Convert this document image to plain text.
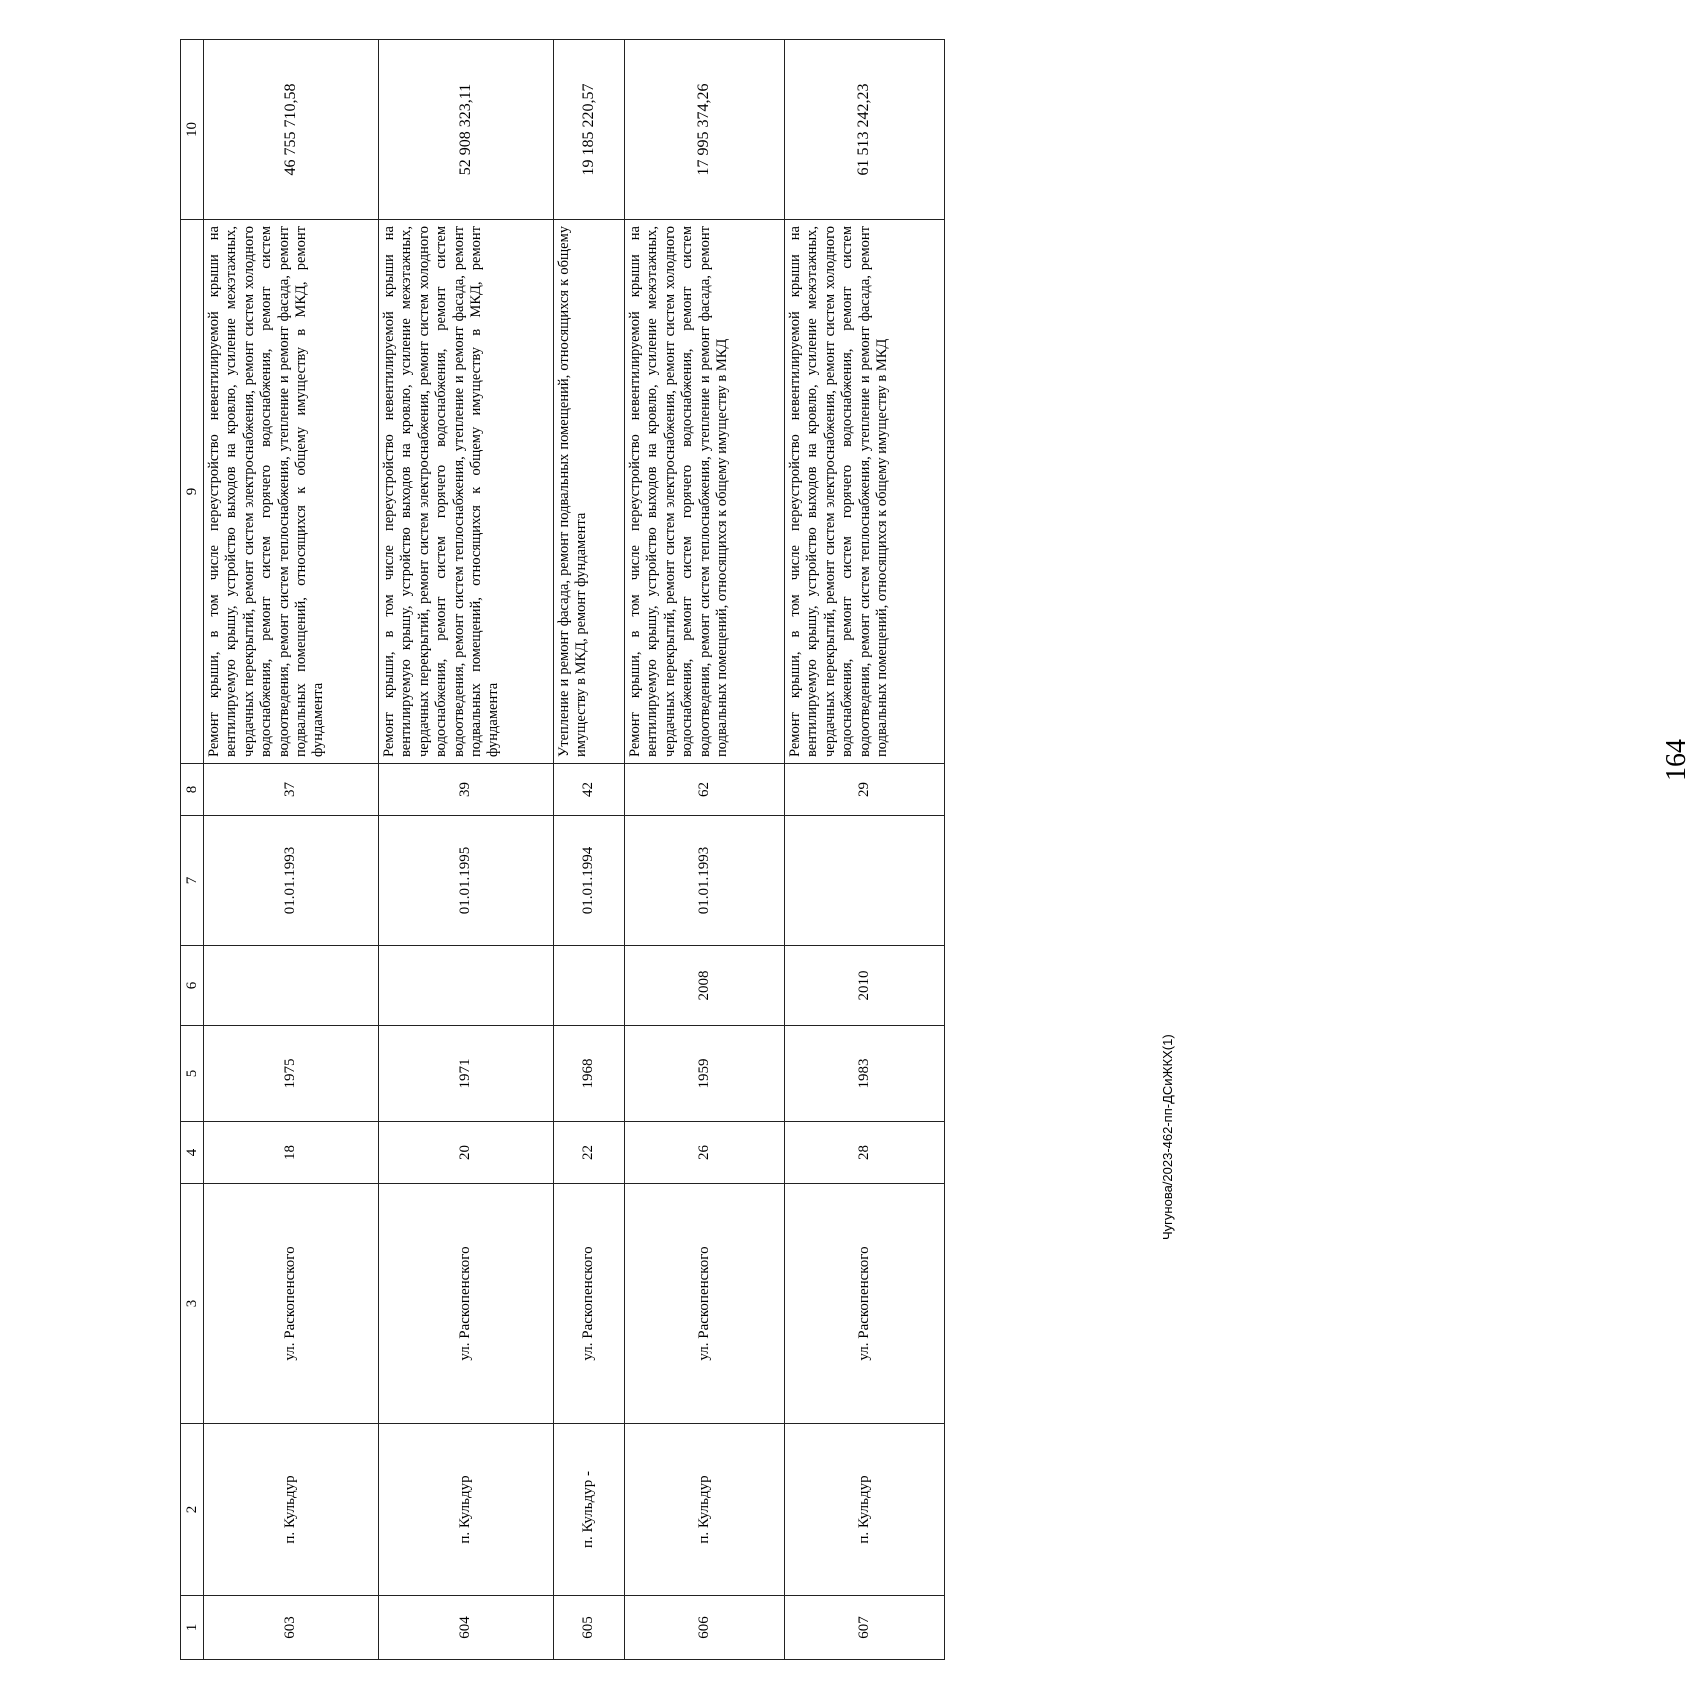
164
Чугунова/2023-462-пп-ДСиЖКХ(1)
1	2	3	4	5	6	7	8	9	10
603	п. Кульдур	ул. Раскопенского	18	1975		01.01.1993	37	Ремонт крыши, в том числе переустройство невентилируемой крыши на вентилируемую крышу, устройство выходов на кровлю, усиление межэтажных, чердачных перекрытий, ремонт систем электроснабжения, ремонт систем холодного водоснабжения, ремонт систем горячего водоснабжения, ремонт систем водоотведения, ремонт систем теплоснабжения, утепление и ремонт фасада, ремонт подвальных помещений, относящихся к общему имуществу в МКД, ремонт фундамента	46 755 710,58
604	п. Кульдур	ул. Раскопенского	20	1971		01.01.1995	39	Ремонт крыши, в том числе переустройство невентилируемой крыши на вентилируемую крышу, устройство выходов на кровлю, усиление межэтажных, чердачных перекрытий, ремонт систем электроснабжения, ремонт систем холодного водоснабжения, ремонт систем горячего водоснабжения, ремонт систем водоотведения, ремонт систем теплоснабжения, утепление и ремонт фасада, ремонт подвальных помещений, относящихся к общему имуществу в МКД, ремонт фундамента	52 908 323,11
605	п. Кульдур -	ул. Раскопенского	22	1968		01.01.1994	42	Утепление и ремонт фасада, ремонт подвальных помещений, относящихся к общему имуществу в МКД, ремонт фундамента	19 185 220,57
606	п. Кульдур	ул. Раскопенского	26	1959	2008	01.01.1993	62	Ремонт крыши, в том числе переустройство невентилируемой крыши на вентилируемую крышу, устройство выходов на кровлю, усиление межэтажных, чердачных перекрытий, ремонт систем электроснабжения, ремонт систем холодного водоснабжения, ремонт систем горячего водоснабжения, ремонт систем водоотведения, ремонт систем теплоснабжения, утепление и ремонт фасада, ремонт подвальных помещений, относящихся к общему имуществу в МКД	17 995 374,26
607	п. Кульдур	ул. Раскопенского	28	1983	2010		29	Ремонт крыши, в том числе переустройство невентилируемой крыши на вентилируемую крышу, устройство выходов на кровлю, усиление межэтажных, чердачных перекрытий, ремонт систем электроснабжения, ремонт систем холодного водоснабжения, ремонт систем горячего водоснабжения, ремонт систем водоотведения, ремонт систем теплоснабжения, утепление и ремонт фасада, ремонт подвальных помещений, относящихся к общему имуществу в МКД	61 513 242,23
